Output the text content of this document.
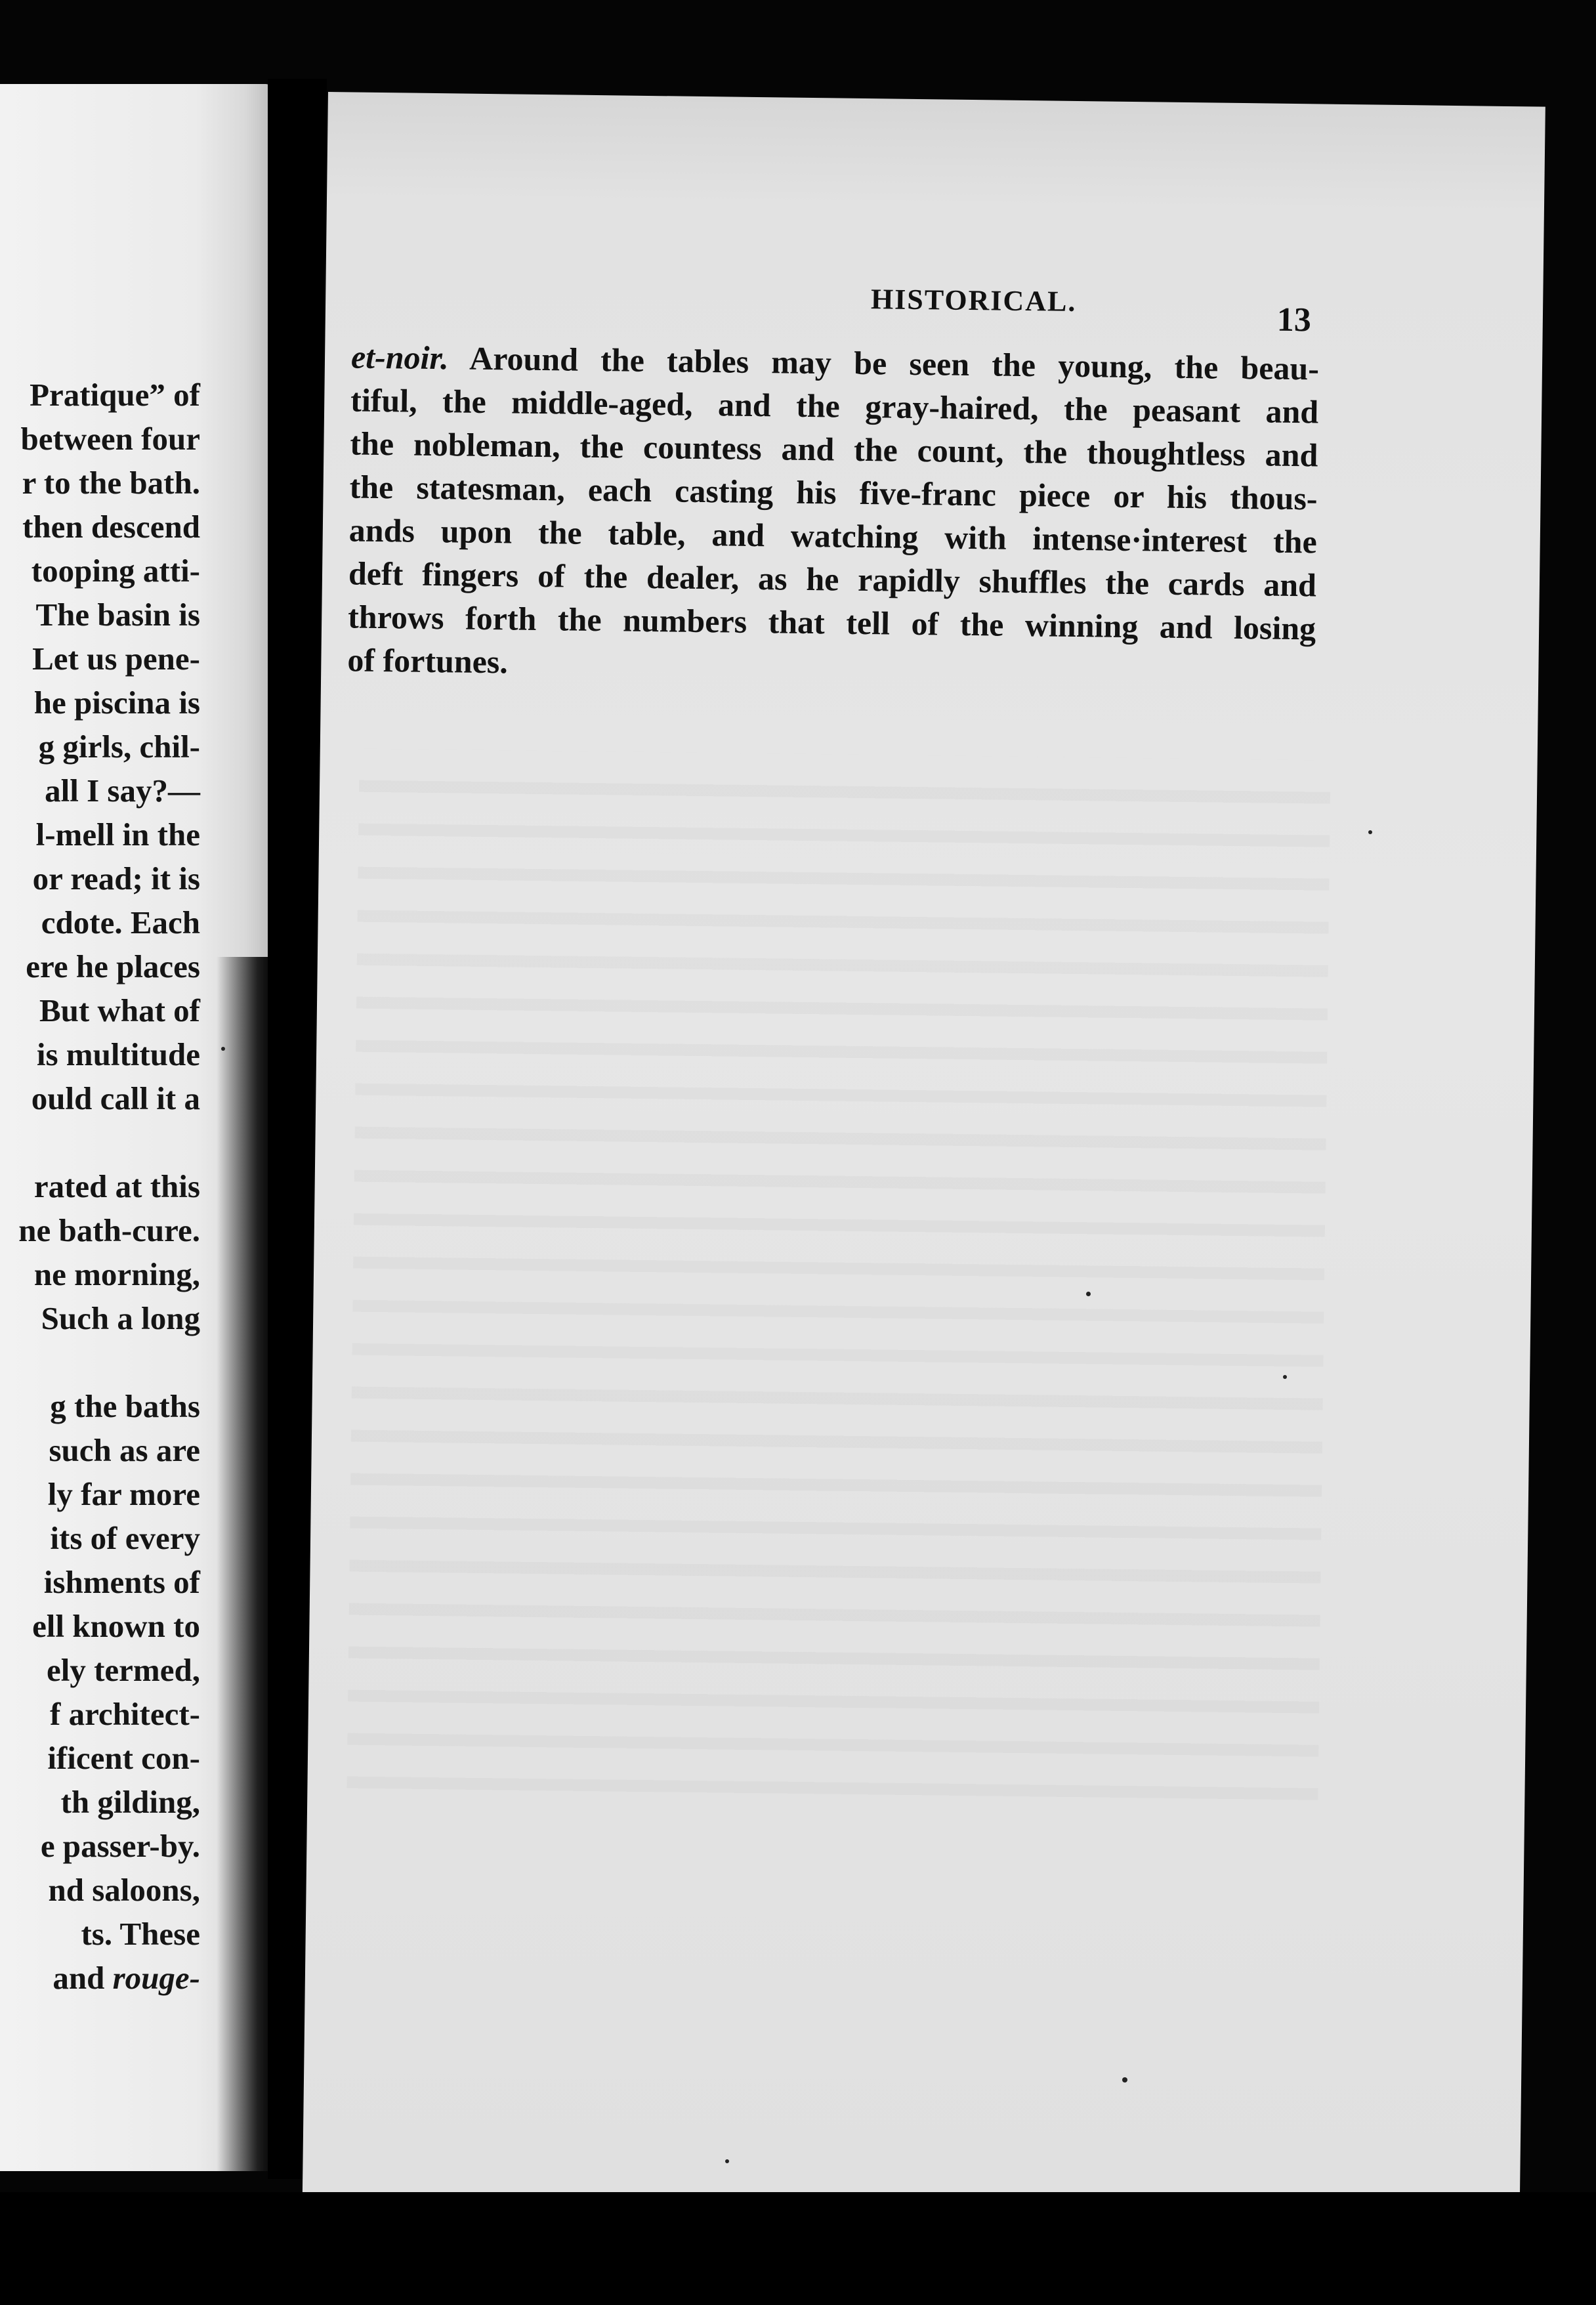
Pratique” of
between four
r to the bath.
then descend
tooping atti-
The basin is
Let us pene-
he piscina is
g girls, chil-
all I say?—
l-mell in the
or read; it is
cdote. Each
ere he places
But what of
is multitude
ould call it a
rated at this
ne bath-cure.
ne morning,
Such a long
g the baths
such as are
ly far more
its of every
ishments of
ell known to
ely termed,
f architect-
ificent con-
th gilding,
e passer-by.
nd saloons,
ts. These
and rouge-
HISTORICAL.
13
et-noir. Around the tables may be seen the young, the beau-
tiful, the middle-aged, and the gray-haired, the peasant and
the nobleman, the countess and the count, the thoughtless and
the statesman, each casting his five-franc piece or his thous-
ands upon the table, and watching with intense·interest the
deft fingers of the dealer, as he rapidly shuffles the cards and
throws forth the numbers that tell of the winning and losing
of fortunes.
